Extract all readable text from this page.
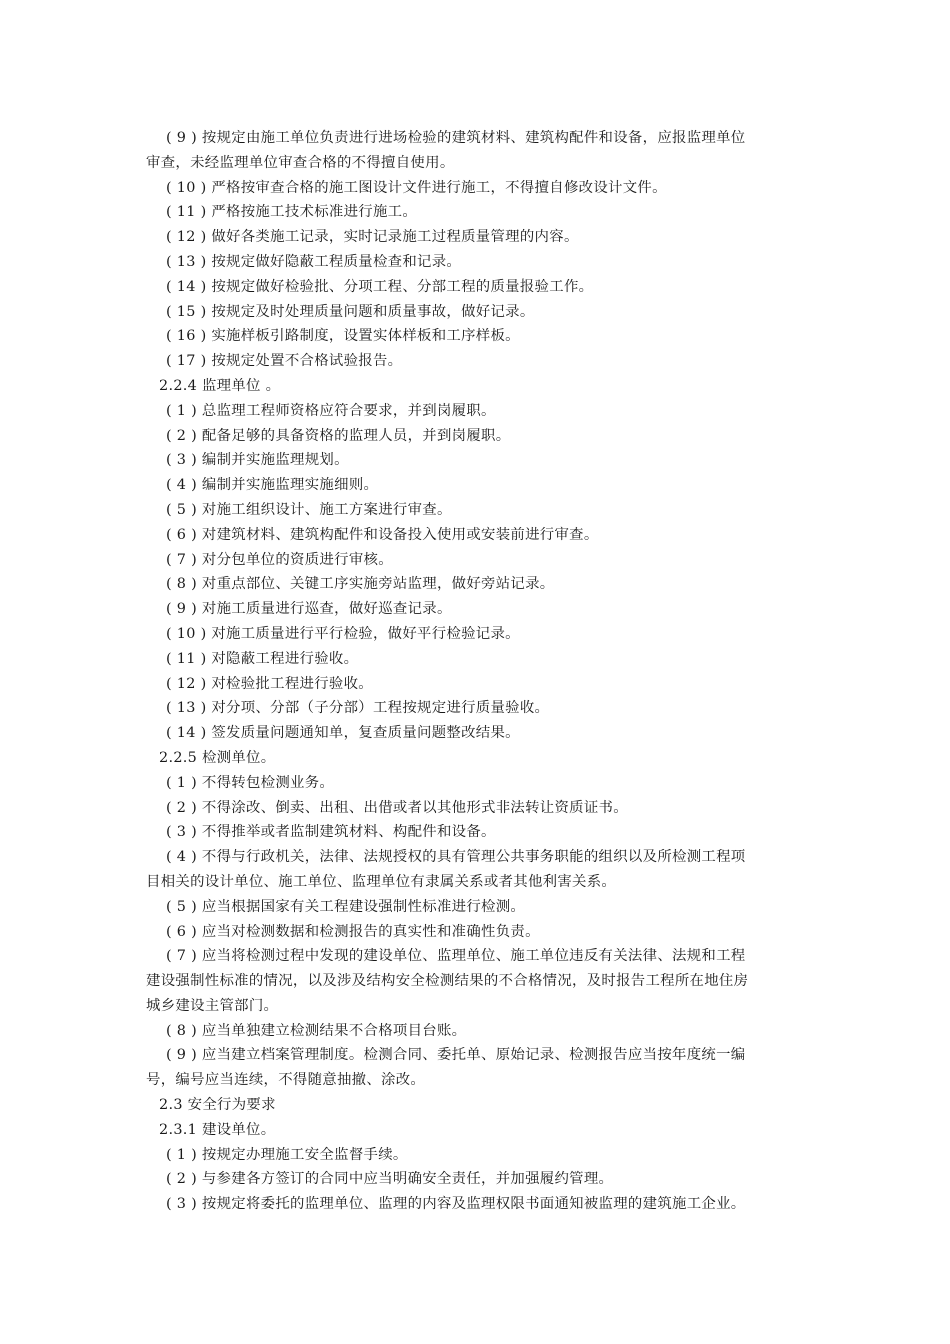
( 9 ) 按规定由施工单位负责进行进场检验的建筑材料、建筑构配件和设备，应报监理单位
审查，未经监理单位审查合格的不得擅自使用。
( 10 ) 严格按审查合格的施工图设计文件进行施工，不得擅自修改设计文件。
( 11 ) 严格按施工技术标准进行施工。
( 12 ) 做好各类施工记录，实时记录施工过程质量管理的内容。
( 13 ) 按规定做好隐蔽工程质量检查和记录。
( 14 ) 按规定做好检验批、分项工程、分部工程的质量报验工作。
( 15 ) 按规定及时处理质量问题和质量事故，做好记录。
( 16 ) 实施样板引路制度，设置实体样板和工序样板。
( 17 ) 按规定处置不合格试验报告。
2.2.4 监理单位 。
( 1 ) 总监理工程师资格应符合要求，并到岗履职。
( 2 ) 配备足够的具备资格的监理人员，并到岗履职。
( 3 ) 编制并实施监理规划。
( 4 ) 编制并实施监理实施细则。
( 5 ) 对施工组织设计、施工方案进行审查。
( 6 ) 对建筑材料、建筑构配件和设备投入使用或安装前进行审查。
( 7 ) 对分包单位的资质进行审核。
( 8 ) 对重点部位、关键工序实施旁站监理，做好旁站记录。
( 9 ) 对施工质量进行巡查，做好巡查记录。
( 10 ) 对施工质量进行平行检验，做好平行检验记录。
( 11 ) 对隐蔽工程进行验收。
( 12 ) 对检验批工程进行验收。
( 13 ) 对分项、分部（子分部）工程按规定进行质量验收。
( 14 ) 签发质量问题通知单，复查质量问题整改结果。
2.2.5 检测单位。
( 1 ) 不得转包检测业务。
( 2 ) 不得涂改、倒卖、出租、出借或者以其他形式非法转让资质证书。
( 3 ) 不得推举或者监制建筑材料、构配件和设备。
( 4 ) 不得与行政机关，法律、法规授权的具有管理公共事务职能的组织以及所检测工程项
目相关的设计单位、施工单位、监理单位有隶属关系或者其他利害关系。
( 5 ) 应当根据国家有关工程建设强制性标准进行检测。
( 6 ) 应当对检测数据和检测报告的真实性和准确性负责。
( 7 ) 应当将检测过程中发现的建设单位、监理单位、施工单位违反有关法律、法规和工程
建设强制性标准的情况，以及涉及结构安全检测结果的不合格情况，及时报告工程所在地住房
城乡建设主管部门。
( 8 ) 应当单独建立检测结果不合格项目台账。
( 9 ) 应当建立档案管理制度。检测合同、委托单、原始记录、检测报告应当按年度统一编
号，编号应当连续，不得随意抽撤、涂改。
2.3 安全行为要求
2.3.1 建设单位。
( 1 ) 按规定办理施工安全监督手续。
( 2 ) 与参建各方签订的合同中应当明确安全责任，并加强履约管理。
( 3 ) 按规定将委托的监理单位、监理的内容及监理权限书面通知被监理的建筑施工企业。
